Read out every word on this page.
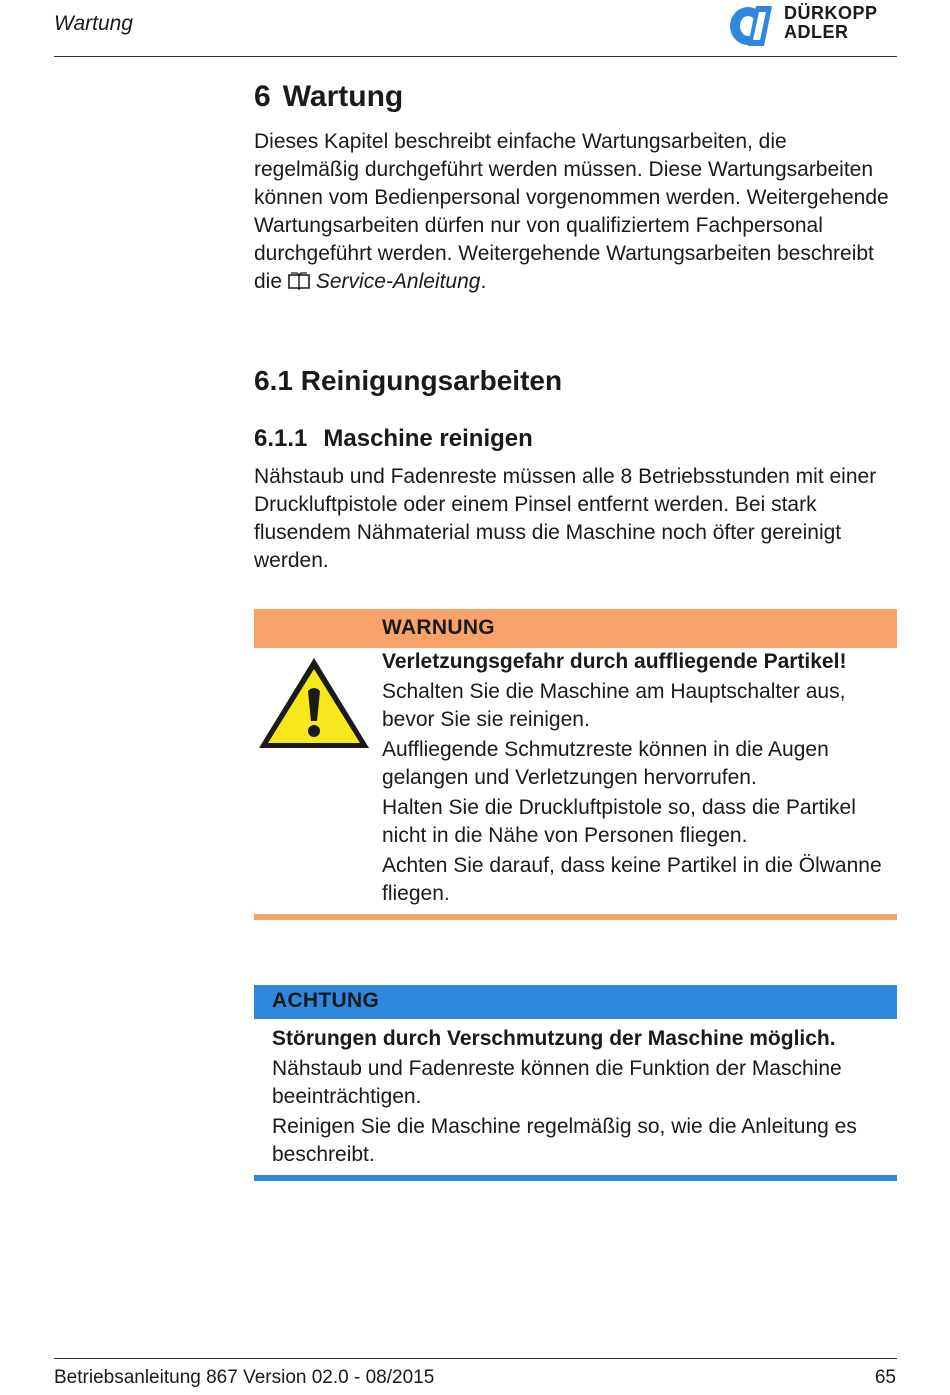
Wartung	DÜRKOPP
ADLER
6 Wartung

Dieses Kapitel beschreibt einfache Wartungsarbeiten, die regelmäßig durchgeführt werden müssen. Diese Wartungsarbeiten können vom Bedienpersonal vorgenommen werden. Weitergehende Wartungsarbeiten dürfen nur von qualifiziertem Fachpersonal durchgeführt werden. Weitergehende Wartungsarbeiten beschreibt die Service-Anleitung.

6.1 Reinigungsarbeiten
6.1.1 Maschine reinigen

Nähstaub und Fadenreste müssen alle 8 Betriebsstunden mit einer Druckluftpistole oder einem Pinsel entfernt werden. Bei stark flusendem Nähmaterial muss die Maschine noch öfter gereinigt werden.

WARNUNG

Verletzungsgefahr durch auffliegende Partikel!

Schalten Sie die Maschine am Hauptschalter aus, bevor Sie sie reinigen.

Auffliegende Schmutzreste können in die Augen gelangen und Verletzungen hervorrufen.

Halten Sie die Druckluftpistole so, dass die Partikel nicht in die Nähe von Personen fliegen.

Achten Sie darauf, dass keine Partikel in die Ölwanne fliegen.

ACHTUNG

Störungen durch Verschmutzung der Maschine möglich.

Nähstaub und Fadenreste können die Funktion der Maschine beeinträchtigen.

Reinigen Sie die Maschine regelmäßig so, wie die Anleitung es beschreibt.

Betriebsanleitung 867 Version 02.0 - 08/2015	65
